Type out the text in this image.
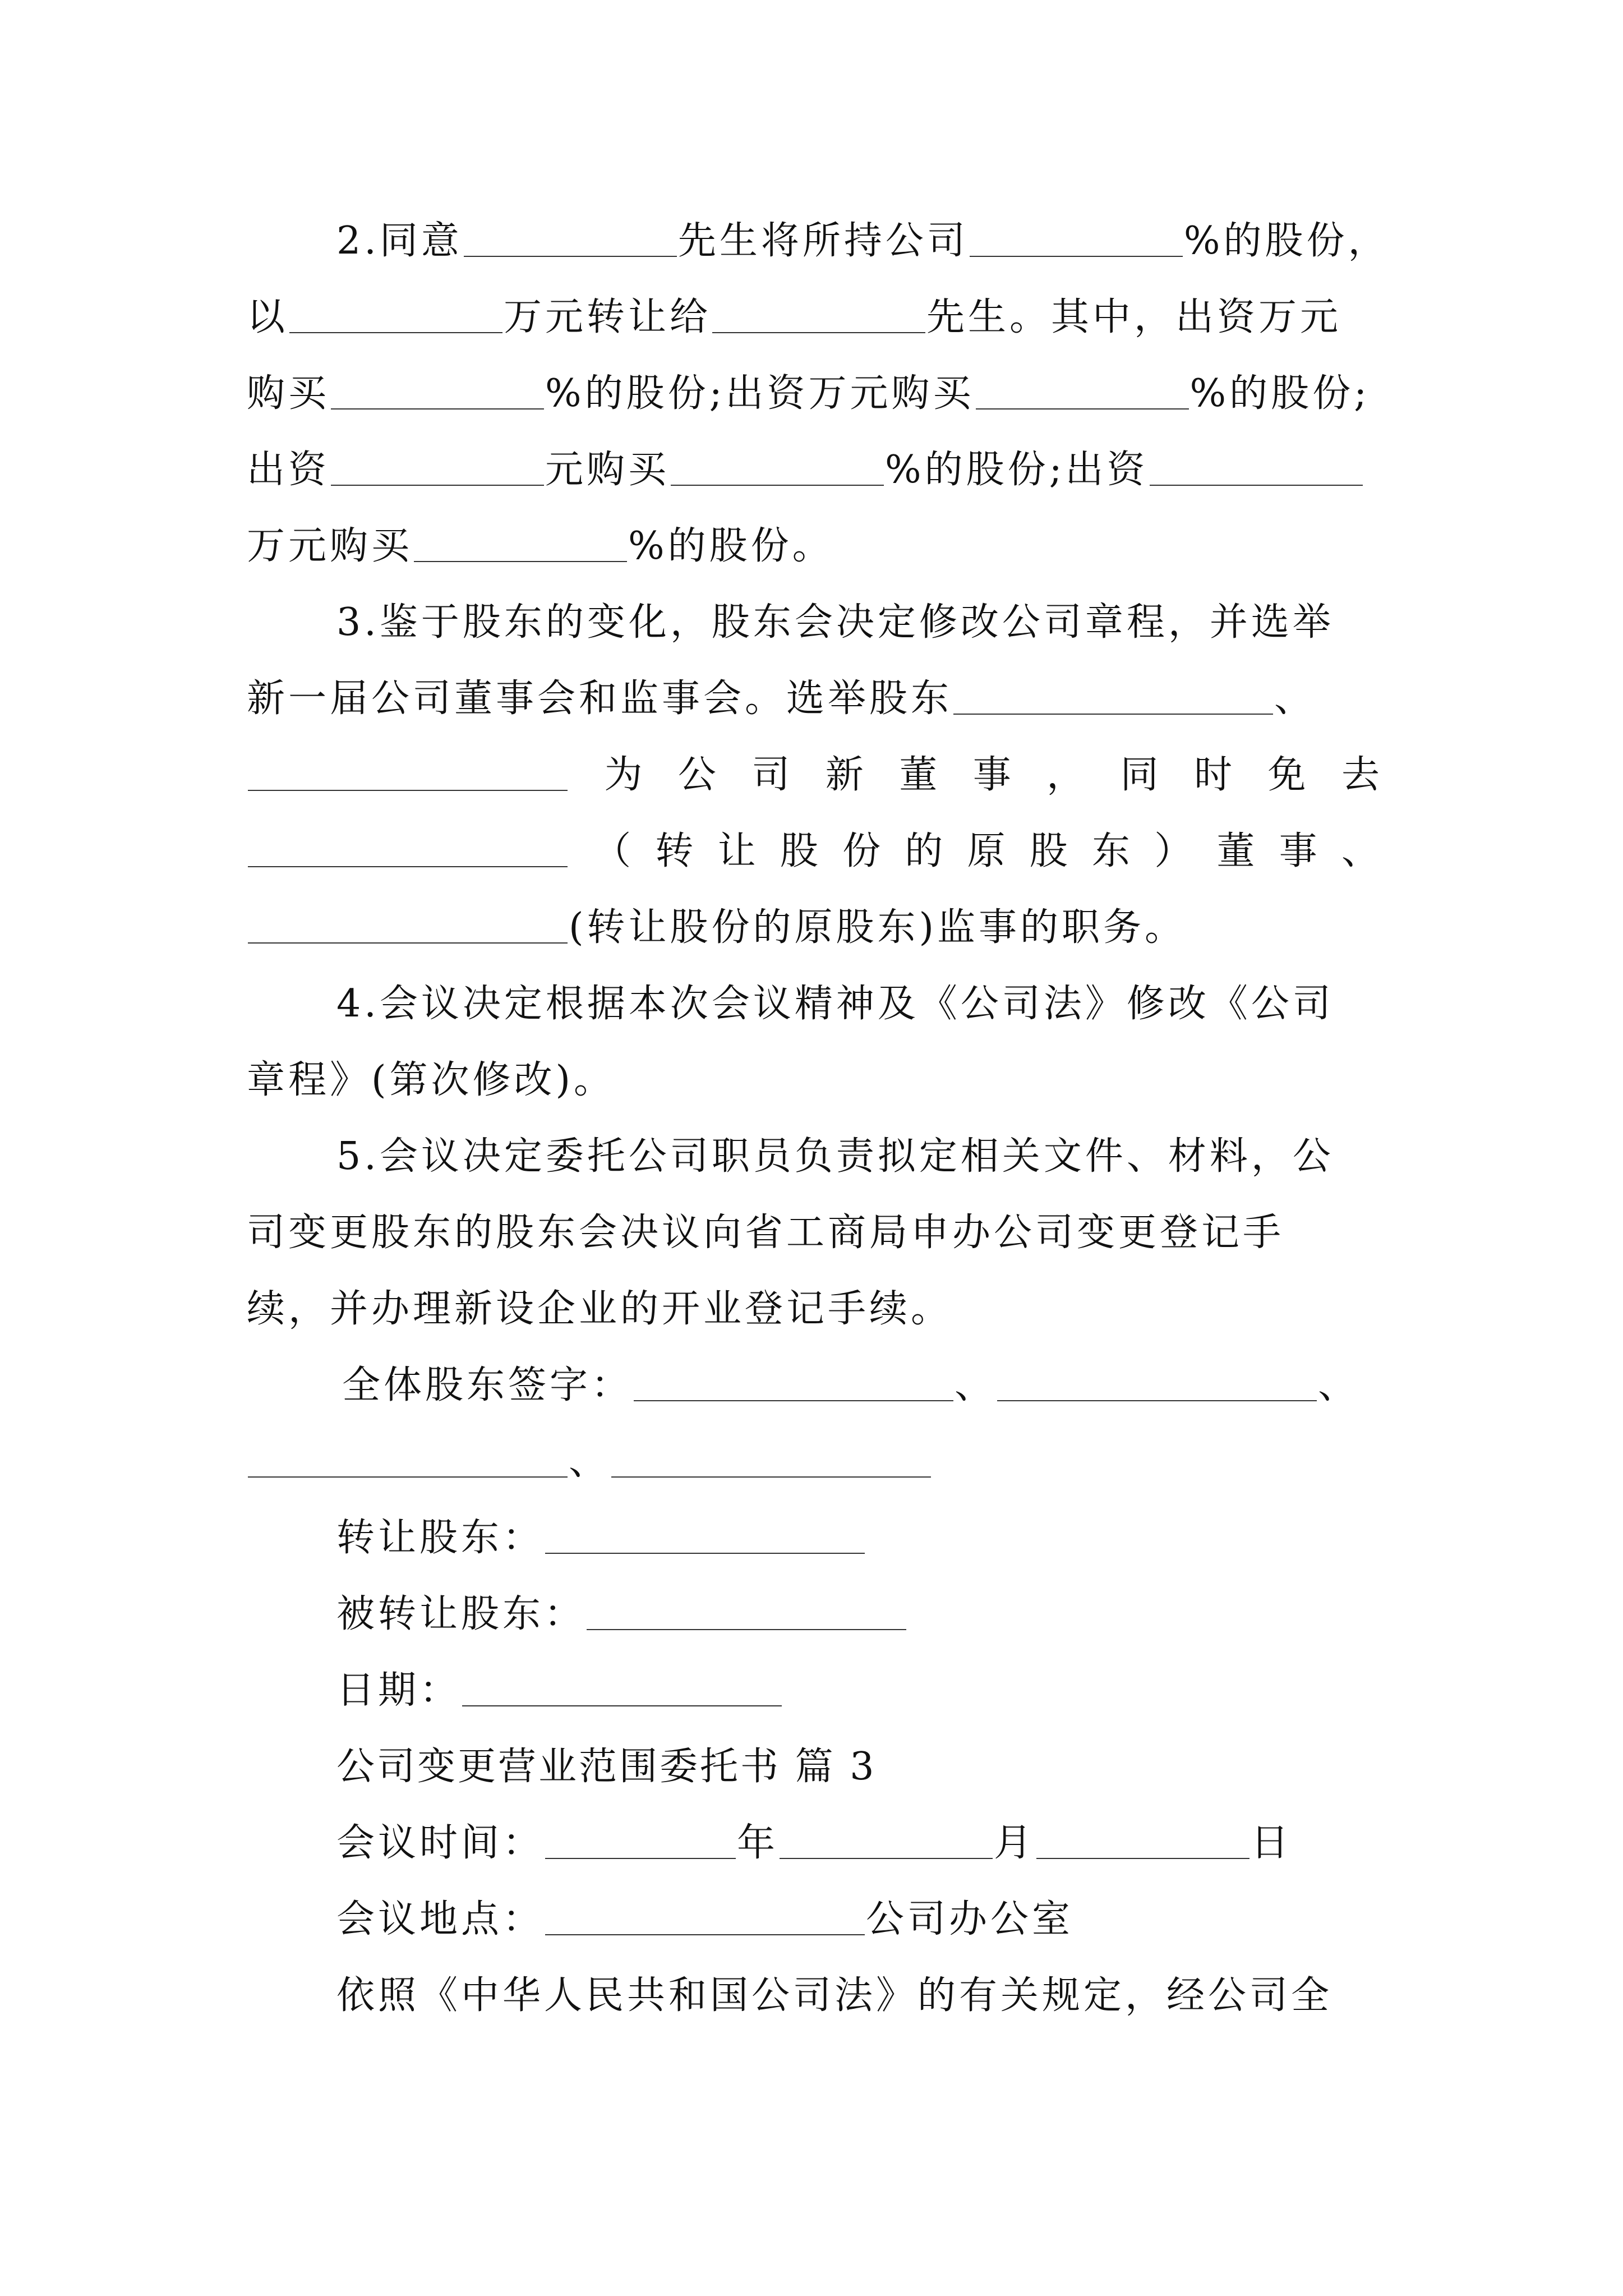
2.同意	先生将所持公司	%的股份，
以	万元转让给	先生。其中，出资万元
购买	%的股份;出资万元购买	%的股份;
出资	元购买	%的股份;出资
万元购买	%的股份。
3.鉴于股东的变化，股东会决定修改公司章程，并选举
新一届公司董事会和监事会。选举股东	、
为 公 司 新 董 事 ， 同 时 免 去
（ 转 让 股 份 的 原 股 东 ） 董 事 、
(转让股份的原股东)监事的职务。
4.会议决定根据本次会议精神及《公司法》修改《公司
章程》(第次修改)。
5.会议决定委托公司职员负责拟定相关文件、材料，公
司变更股东的股东会决议向省工商局申办公司变更登记手
续，并办理新设企业的开业登记手续。
全体股东签字：	、	、
、
转让股东：
被转让股东：
日期：
公司变更营业范围委托书 篇 3
会议时间：	年	月	日
会议地点：	公司办公室
依照《中华人民共和国公司法》的有关规定，经公司全
